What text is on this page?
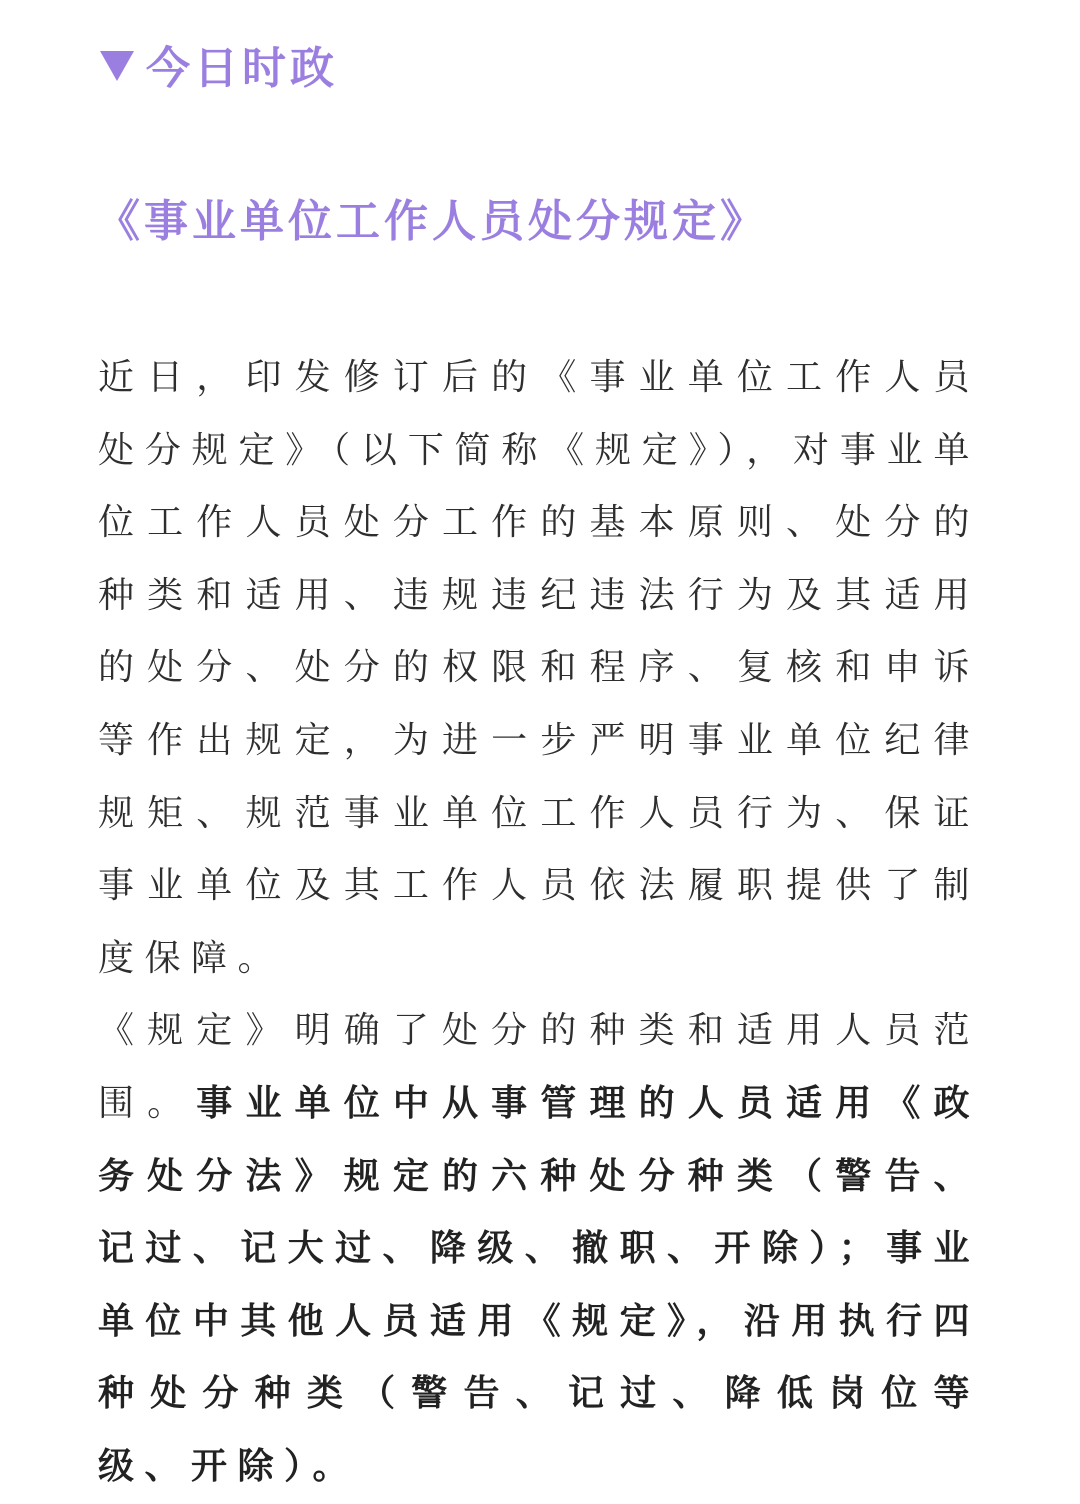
今日时政
《事业单位工作人员处分规定》

近日，印发修订后的《事业单位工作人员处分规定》（以下简称《规定》），对事业单位工作人员处分工作的基本原则、处分的种类和适用、违规违纪违法行为及其适用的处分、处分的权限和程序、复核和申诉等作出规定，为进一步严明事业单位纪律规矩、规范事业单位工作人员行为、保证事业单位及其工作人员依法履职提供了制度保障。

《规定》明确了处分的种类和适用人员范围。事业单位中从事管理的人员适用《政务处分法》规定的六种处分种类（警告、记过、记大过、降级、撤职、开除）；事业单位中其他人员适用《规定》，沿用执行四种处分种类（警告、记过、降低岗位等级、开除）。
